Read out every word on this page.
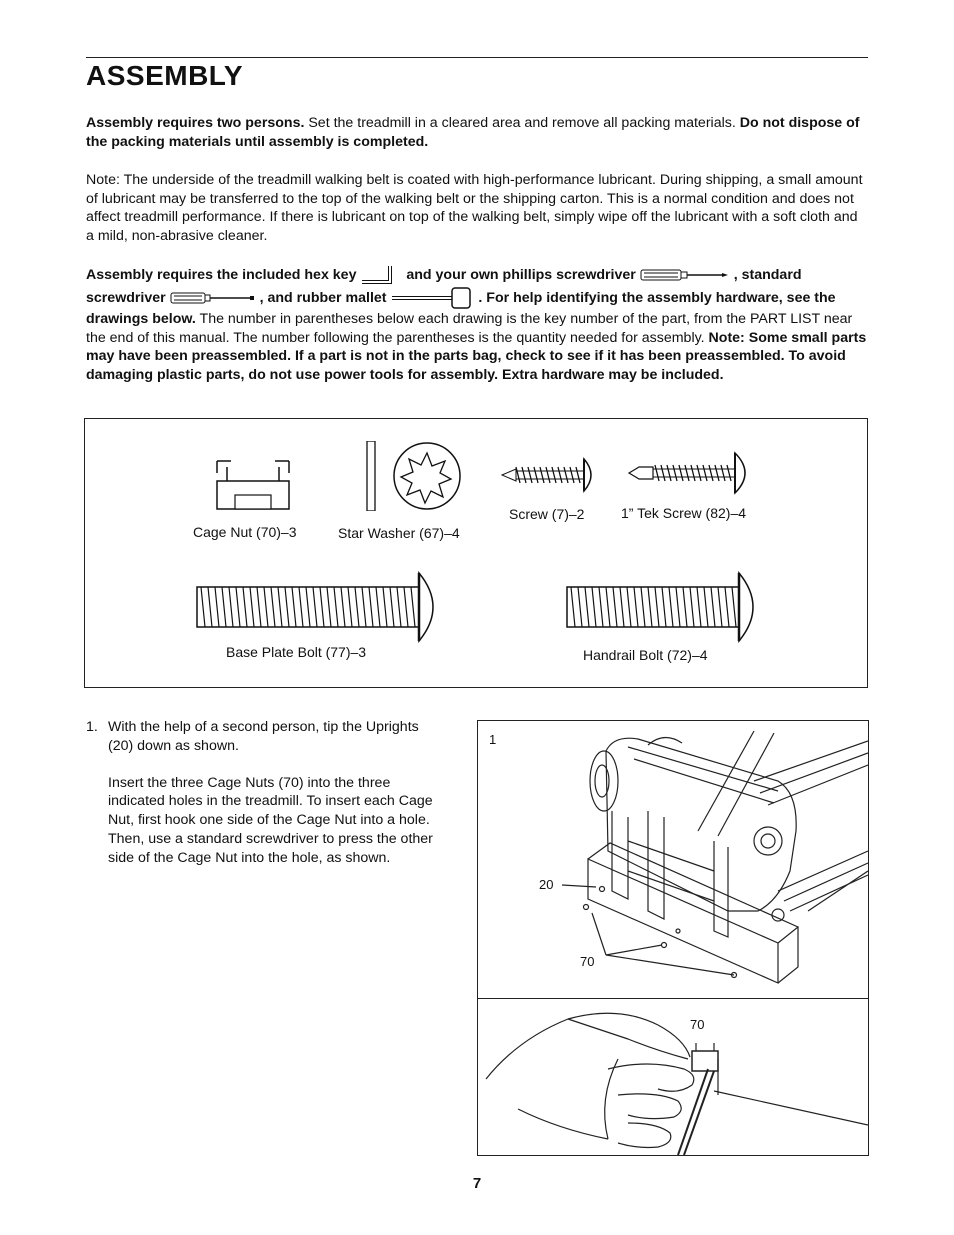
ASSEMBLY
Assembly requires two persons. Set the treadmill in a cleared area and remove all packing materials. Do not dispose of the packing materials until assembly is completed.
Note: The underside of the treadmill walking belt is coated with high-performance lubricant. During shipping, a small amount of lubricant may be transferred to the top of the walking belt or the shipping carton. This is a normal condition and does not affect treadmill performance. If there is lubricant on top of the walking belt, simply wipe off the lubricant with a soft cloth and a mild, non-abrasive cleaner.
Assembly requires the included hex key	and your own phillips screwdriver	, standard screwdriver	, and rubber mallet	. For help identifying the assembly hardware, see the drawings below. The number in parentheses below each drawing is the key number of the part, from the PART LIST near the end of this manual. The number following the parentheses is the quantity needed for assembly. Note: Some small parts may have been preassembled. If a part is not in the parts bag, check to see if it has been preassembled. To avoid damaging plastic parts, do not use power tools for assembly. Extra hardware may be included.
Cage Nut (70)–3	Star Washer (67)–4
Screw (7)–2	1” Tek Screw (82)–4
Base Plate Bolt (77)–3	Handrail Bolt (72)–4
1. With the help of a second person, tip the Uprights (20) down as shown.

Insert the three Cage Nuts (70) into the three indicated holes in the treadmill. To insert each Cage Nut, first hook one side of the Cage Nut into a hole. Then, use a standard screwdriver to press the other side of the Cage Nut into the hole, as shown.

1
20
70
70
7
